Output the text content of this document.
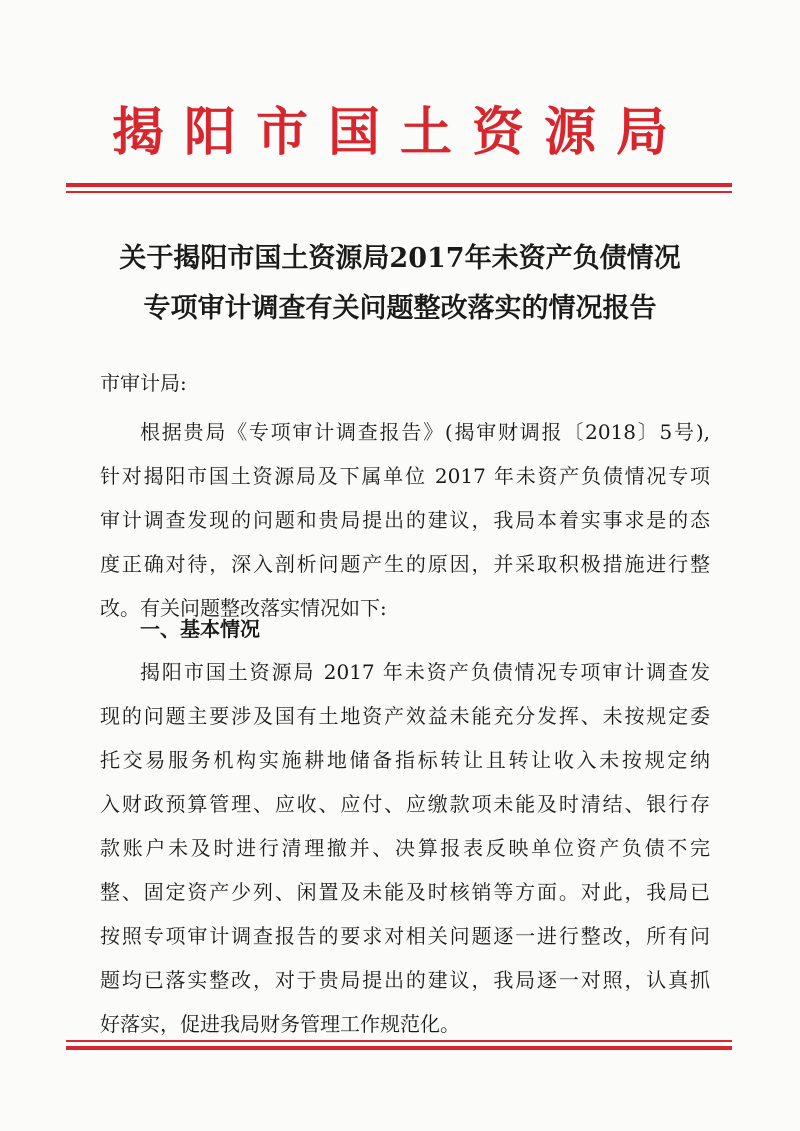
揭阳市国土资源局
关于揭阳市国土资源局2017年未资产负债情况
专项审计调查有关问题整改落实的情况报告
市审计局:
根据贵局《专项审计调查报告》(揭审财调报〔2018〕5号),
针对揭阳市国土资源局及下属单位 2017 年未资产负债情况专项
审计调查发现的问题和贵局提出的建议，我局本着实事求是的态
度正确对待，深入剖析问题产生的原因，并采取积极措施进行整
改。有关问题整改落实情况如下:
一、基本情况
揭阳市国土资源局 2017 年未资产负债情况专项审计调查发
现的问题主要涉及国有土地资产效益未能充分发挥、未按规定委
托交易服务机构实施耕地储备指标转让且转让收入未按规定纳
入财政预算管理、应收、应付、应缴款项未能及时清结、银行存
款账户未及时进行清理撤并、决算报表反映单位资产负债不完
整、固定资产少列、闲置及未能及时核销等方面。对此，我局已
按照专项审计调查报告的要求对相关问题逐一进行整改，所有问
题均已落实整改，对于贵局提出的建议，我局逐一对照，认真抓
好落实，促进我局财务管理工作规范化。
